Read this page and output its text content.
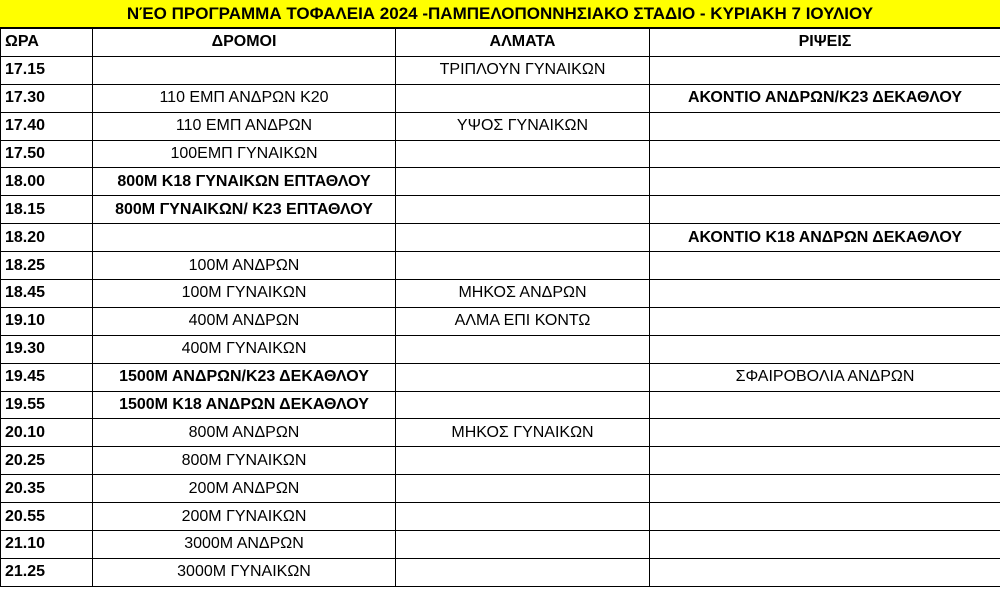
ΝΈΟ ΠΡΟΓΡΑΜΜΑ ΤΟΦΑΛΕΙΑ 2024 -ΠΑΜΠΕΛΟΠΟΝΝΗΣΙΑΚΟ ΣΤΑΔΙΟ - ΚΥΡΙΑΚΗ 7 ΙΟΥΛΙΟΥ
ΩΡΑ	ΔΡΟΜΟΙ	ΑΛΜΑΤΑ	ΡΙΨΕΙΣ
17.15		ΤΡΙΠΛΟΥΝ ΓΥΝΑΙΚΩΝ	
17.30	110 ΕΜΠ ΑΝΔΡΩΝ Κ20		ΑΚΟΝΤΙΟ ΑΝΔΡΩΝ/Κ23 ΔΕΚΑΘΛΟΥ
17.40	110 ΕΜΠ ΑΝΔΡΩΝ	ΥΨΟΣ ΓΥΝΑΙΚΩΝ	
17.50	100ΕΜΠ ΓΥΝΑΙΚΩΝ		
18.00	800Μ Κ18 ΓΥΝΑΙΚΩΝ ΕΠΤΑΘΛΟΥ		
18.15	800Μ ΓΥΝΑΙΚΩΝ/ Κ23 ΕΠΤΑΘΛΟΥ		
18.20			ΑΚΟΝΤΙΟ Κ18 ΑΝΔΡΩΝ ΔΕΚΑΘΛΟΥ
18.25	100Μ ΑΝΔΡΩΝ		
18.45	100Μ ΓΥΝΑΙΚΩΝ	ΜΗΚΟΣ ΑΝΔΡΩΝ	
19.10	400Μ ΑΝΔΡΩΝ	ΑΛΜΑ ΕΠΙ ΚΟΝΤΩ	
19.30	400Μ ΓΥΝΑΙΚΩΝ		
19.45	1500Μ ΑΝΔΡΩΝ/Κ23 ΔΕΚΑΘΛΟΥ		ΣΦΑΙΡΟΒΟΛΙΑ ΑΝΔΡΩΝ
19.55	1500Μ Κ18 ΑΝΔΡΩΝ ΔΕΚΑΘΛΟΥ		
20.10	800Μ ΑΝΔΡΩΝ	ΜΗΚΟΣ ΓΥΝΑΙΚΩΝ	
20.25	800Μ ΓΥΝΑΙΚΩΝ		
20.35	200Μ ΑΝΔΡΩΝ		
20.55	200Μ ΓΥΝΑΙΚΩΝ		
21.10	3000Μ ΑΝΔΡΩΝ		
21.25	3000Μ ΓΥΝΑΙΚΩΝ		
